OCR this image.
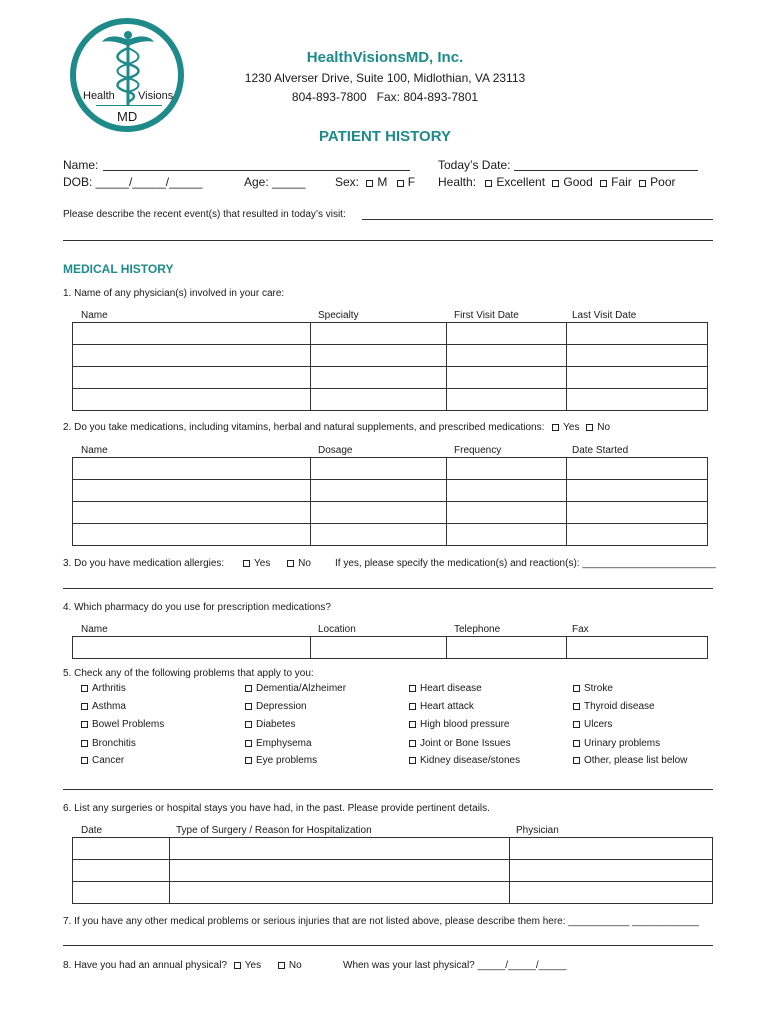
Health Visions
MD
HealthVisionsMD, Inc.
1230 Alverser Drive, Suite 100, Midlothian, VA 23113
804-893-7800   Fax: 804-893-7801
PATIENT HISTORY
Name:
DOB: _____/_____/_____	Age: _____ Sex: M F
Today’s Date:
Health: Excellent Good Fair Poor
Please describe the recent event(s) that resulted in today’s visit:
MEDICAL HISTORY
1. Name of any physician(s) involved in your care:
Name	Specialty	First Visit Date	Last Visit Date

2. Do you take medications, including vitamins, herbal and natural supplements, and prescribed medications: Yes No
Name	Dosage	Frequency	Date Started

3. Do you have medication allergies:	Yes	No If yes, please specify the medication(s) and reaction(s): ________________________
4. Which pharmacy do you use for prescription medications?
Name	Location	Telephone	Fax

5. Check any of the following problems that apply to you:
Arthritis
Asthma
Bowel Problems
Bronchitis
Cancer
Dementia/Alzheimer
Depression
Diabetes
Emphysema
Eye problems
Heart disease
Heart attack
High blood pressure
Joint or Bone Issues
Kidney disease/stones
Stroke
Thyroid disease
Ulcers
Urinary problems
Other, please list below
6. List any surgeries or hospital stays you have had, in the past. Please provide pertinent details.
Date	Type of Surgery / Reason for Hospitalization	Physician

7. If you have any other medical problems or serious injuries that are not listed above, please describe them here: ___________ ____________
8. Have you had an annual physical? Yes	No	When was your last physical? _____/_____/_____
